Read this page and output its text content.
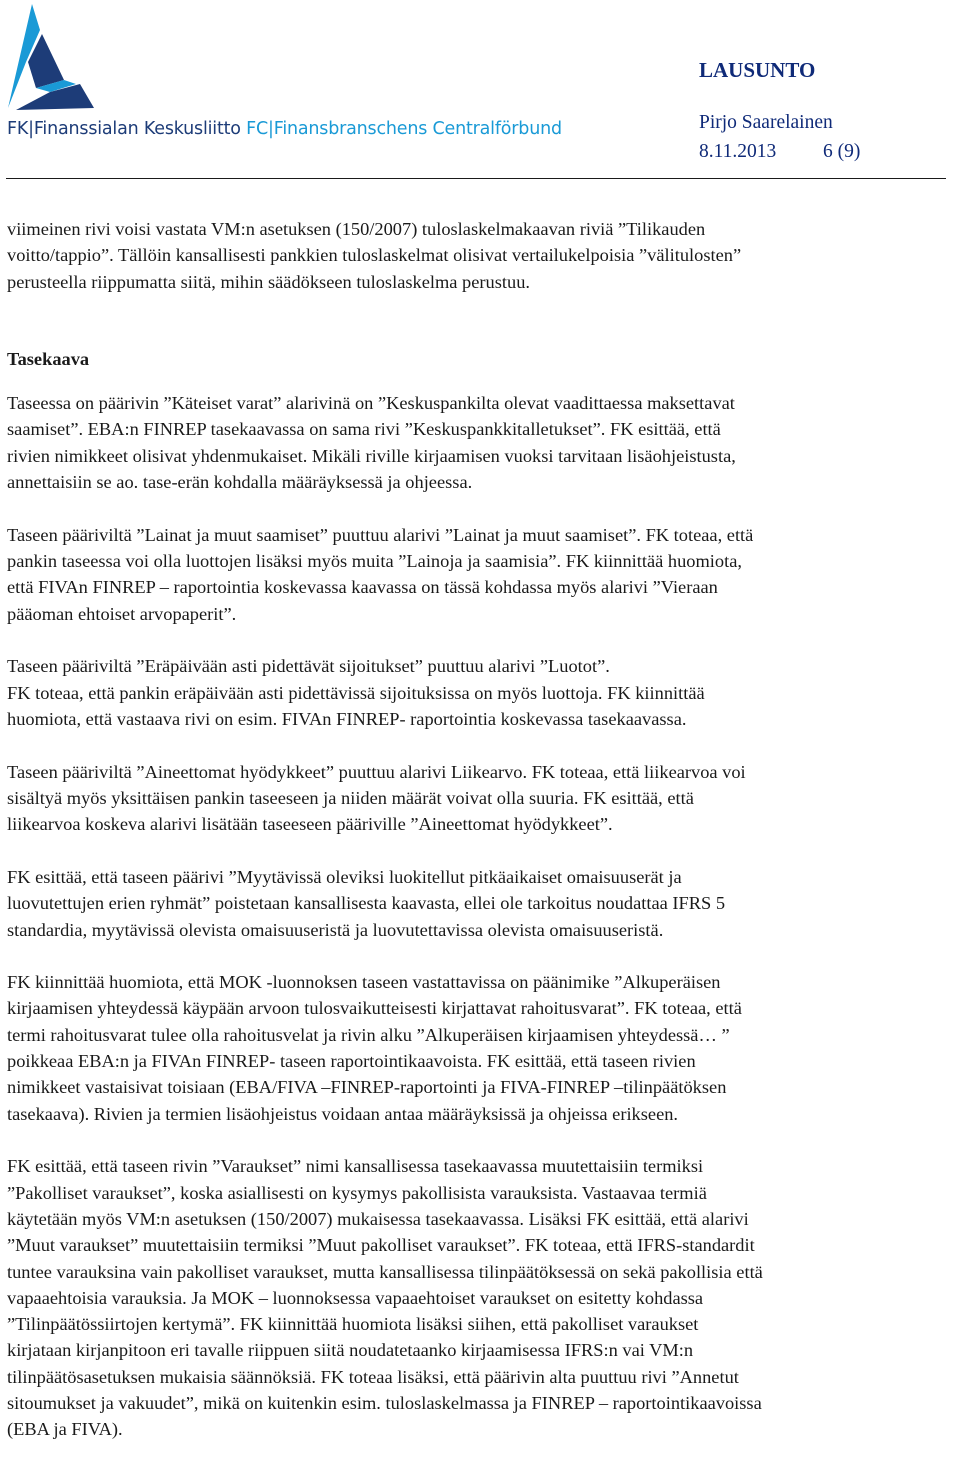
FK|Finanssialan Keskusliitto FC|Finansbranschens Centralförbund
LAUSUNTO
Pirjo Saarelainen
8.11.2013 6 (9)

viimeinen rivi voisi vastata VM:n asetuksen (150/2007) tuloslaskelmakaavan riviä ”Tilikauden
voitto/tappio”. Tällöin kansallisesti pankkien tuloslaskelmat olisivat vertailukelpoisia ”välitulosten”
perusteella riippumatta siitä, mihin säädökseen tuloslaskelma perustuu.

Tasekaava

Taseessa on päärivin ”Käteiset varat” alarivinä on ”Keskuspankilta olevat vaadittaessa maksettavat
saamiset”. EBA:n FINREP tasekaavassa on sama rivi ”Keskuspankkitalletukset”. FK esittää, että
rivien nimikkeet olisivat yhdenmukaiset. Mikäli riville kirjaamisen vuoksi tarvitaan lisäohjeistusta,
annettaisiin se ao. tase-erän kohdalla määräyksessä ja ohjeessa.

Taseen pääriviltä ”Lainat ja muut saamiset” puuttuu alarivi ”Lainat ja muut saamiset”. FK toteaa, että
pankin taseessa voi olla luottojen lisäksi myös muita ”Lainoja ja saamisia”. FK kiinnittää huomiota,
että FIVAn FINREP – raportointia koskevassa kaavassa on tässä kohdassa myös alarivi ”Vieraan
pääoman ehtoiset arvopaperit”.

Taseen pääriviltä ”Eräpäivään asti pidettävät sijoitukset” puuttuu alarivi ”Luotot”.
FK toteaa, että pankin eräpäivään asti pidettävissä sijoituksissa on myös luottoja. FK kiinnittää
huomiota, että vastaava rivi on esim. FIVAn FINREP- raportointia koskevassa tasekaavassa.

Taseen pääriviltä ”Aineettomat hyödykkeet” puuttuu alarivi Liikearvo. FK toteaa, että liikearvoa voi
sisältyä myös yksittäisen pankin taseeseen ja niiden määrät voivat olla suuria. FK esittää, että
liikearvoa koskeva alarivi lisätään taseeseen pääriville ”Aineettomat hyödykkeet”.

FK esittää, että taseen päärivi ”Myytävissä oleviksi luokitellut pitkäaikaiset omaisuuserät ja
luovutettujen erien ryhmät” poistetaan kansallisesta kaavasta, ellei ole tarkoitus noudattaa IFRS 5
standardia, myytävissä olevista omaisuuseristä ja luovutettavissa olevista omaisuuseristä.

FK kiinnittää huomiota, että MOK -luonnoksen taseen vastattavissa on päänimike ”Alkuperäisen
kirjaamisen yhteydessä käypään arvoon tulosvaikutteisesti kirjattavat rahoitusvarat”. FK toteaa, että
termi rahoitusvarat tulee olla rahoitusvelat ja rivin alku ”Alkuperäisen kirjaamisen yhteydessä… ”
poikkeaa EBA:n ja FIVAn FINREP- taseen raportointikaavoista. FK esittää, että taseen rivien
nimikkeet vastaisivat toisiaan (EBA/FIVA –FINREP-raportointi ja FIVA-FINREP –tilinpäätöksen
tasekaava). Rivien ja termien lisäohjeistus voidaan antaa määräyksissä ja ohjeissa erikseen.

FK esittää, että taseen rivin ”Varaukset” nimi kansallisessa tasekaavassa muutettaisiin termiksi
”Pakolliset varaukset”, koska asiallisesti on kysymys pakollisista varauksista. Vastaavaa termiä
käytetään myös VM:n asetuksen (150/2007) mukaisessa tasekaavassa. Lisäksi FK esittää, että alarivi
”Muut varaukset” muutettaisiin termiksi ”Muut pakolliset varaukset”. FK toteaa, että IFRS-standardit
tuntee varauksina vain pakolliset varaukset, mutta kansallisessa tilinpäätöksessä on sekä pakollisia että
vapaaehtoisia varauksia. Ja MOK – luonnoksessa vapaaehtoiset varaukset on esitetty kohdassa
”Tilinpäätössiirtojen kertymä”. FK kiinnittää huomiota lisäksi siihen, että pakolliset varaukset
kirjataan kirjanpitoon eri tavalle riippuen siitä noudatetaanko kirjaamisessa IFRS:n vai VM:n
tilinpäätösasetuksen mukaisia säännöksiä. FK toteaa lisäksi, että päärivin alta puuttuu rivi ”Annetut
sitoumukset ja vakuudet”, mikä on kuitenkin esim. tuloslaskelmassa ja FINREP – raportointikaavoissa
(EBA ja FIVA).
